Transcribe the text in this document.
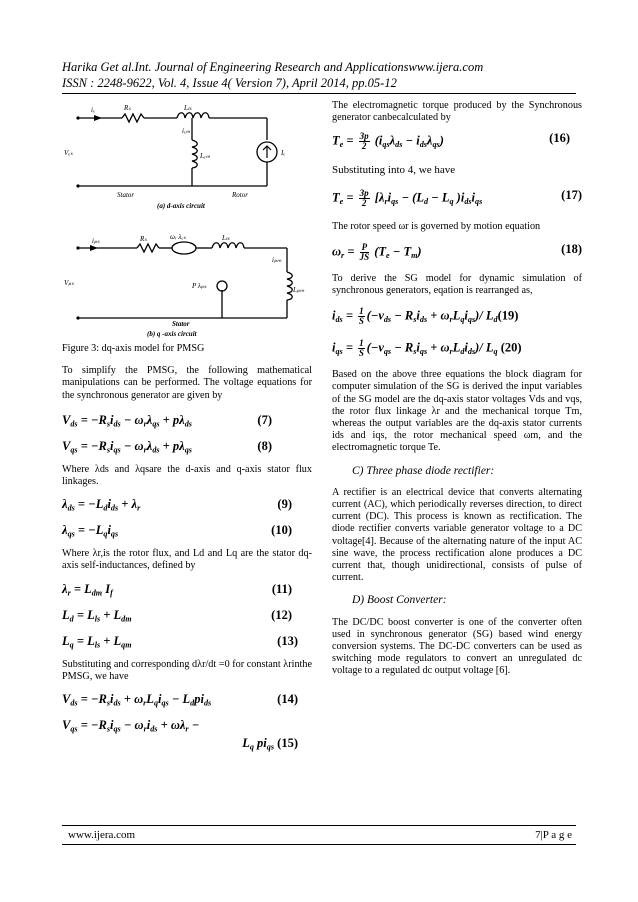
Harika Get al.Int. Journal of Engineering Research and Applicationswww.ijera.com
ISSN : 2248-9622, Vol. 4, Issue 4( Version 7), April 2014, pp.05-12
iₓ	Rₛ	Lₗₛ
iₑₘ
Lₑₘ
Vₑₛ	Iₑ
Stator	Rotor
(a) d-axis circuit
iₚₛ	Rₛ	ωᵣ λₑₛ	Lₗₛ
iₚₘ
Vₚₛ	P λₚₛ	Lₚₘ
Stator
(b) q -axis circuit
Figure 3: dq-axis model for PMSG
To simplify the PMSG, the following mathematical manipulations can be performed. The voltage equations for the synchronous generator are given by
$V_{ds} = -R_si_{ds} - \omega_r\lambda_{qs} + p\lambda_{ds}$	(7)
$V_{qs} = -R_si_{qs} - \omega_r\lambda_{ds} + p\lambda_{qs}$	(8)
Where λds and λqsare the d-axis and q-axis stator flux linkages.
$\lambda_{ds} = -L_di_{ds} + \lambda_r$	(9)
$\lambda_{qs} = -L_qi_{qs}$	(10)
Where λr,is the rotor flux, and Ld and Lq are the stator dq-axis self-inductances, defined by
$\lambda_r = L_{dm}$ $I_f$	(11)
$L_d = L_{ls} + L_{dm}$	(12)
$L_q = L_{ls} + L_{qm}$	(13)
Substituting and corresponding dλr/dt =0 for constant λrinthe PMSG, we have
$V_{ds} = -R_si_{ds} + \omega_rL_qi_{qs} - L_dpi_{ds}$	(14)
$V_{qs} = -R_si_{qs} - \omega_ri_{ds} + \omega\lambda_r$ −
$L_q$ $pi_{qs}$ (15)
The electromagnetic torque produced by the Synchronous generator canbecalculated by
$T_e = \frac{3p}{2} (i_{qs}\lambda_{ds} - i_{ds}\lambda_{qs})$	(16)
Substituting into 4, we have
$T_e = \frac{3p}{2} [\lambda_ri_{qs} - (L_d - L_q$ )$i_{ds}i_{qs}$	(17)
The rotor speed ωr is governed by motion equation
$\omega_r = \frac{P}{JS} (T_e - T_m)$	(18)
To derive the SG model for dynamic simulation of synchronous generators, eqation is rearranged as,
$i_{ds} = \frac{1}{S} (-v_{ds} - R_si_{ds} + \omega_rL_qi_{qs})/$ $L_d(19)$
$i_{qs} = \frac{1}{S} (-v_{qs} - R_si_{qs} + \omega_rL_di_{ds})/$ $L_q$ (20)
Based on the above three equations the block diagram for computer simulation of the SG is derived the input variables of the SG model are the dq-axis stator voltages Vds and vqs, the rotor flux linkage λr and the mechanical torque Tm, whereas the output variables are the dq-axis stator currents ids and iqs, the rotor mechanical speed ωm, and the electromagnetic torque Te.
C) Three phase diode rectifier:
A rectifier is an electrical device that converts alternating current (AC), which periodically reverses direction, to direct current (DC). This process is known as rectification. The diode rectifier converts variable generator voltage to a DC voltage[4]. Because of the alternating nature of the input AC sine wave, the process rectification alone produces a DC current that, though unidirectional, consists of pulse of current.
D) Boost Converter:
The DC/DC boost converter is one of the converter often used in synchronous generator (SG) based wind energy conversion systems. The DC-DC converters can be used as switching mode regulators to convert an unregulated dc voltage to a regulated dc output voltage [6].
www.ijera.com	7|P a g e
